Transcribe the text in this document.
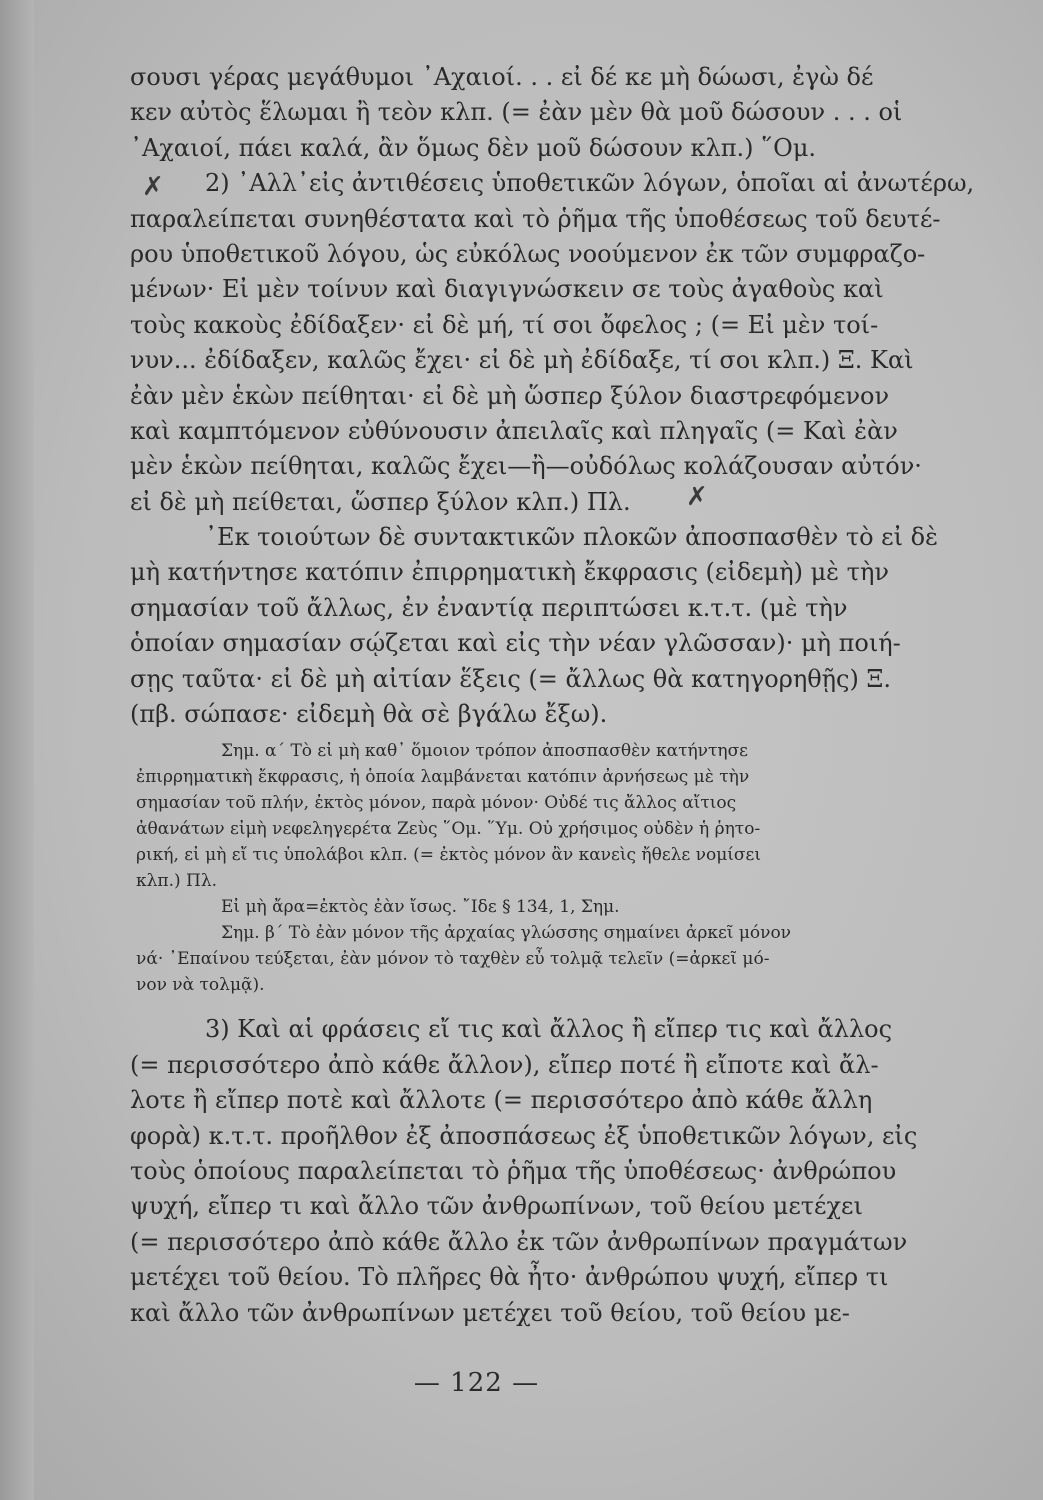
✗
✗
σουσι γέρας μεγάθυμοι ᾿Αχαιοί. . . εἰ δέ κε μὴ δώωσι, ἐγὼ δέ
κεν αὐτὸς ἕλωμαι ἢ τεὸν κλπ. (= ἐὰν μὲν θὰ μοῦ δώσουν . . . οἱ
᾿Αχαιοί, πάει καλά, ἂν ὅμως δὲν μοῦ δώσουν κλπ.) ῞Ομ.
2) ᾿Αλλ᾿εἰς ἀντιθέσεις ὑποθετικῶν λόγων, ὁποῖαι αἱ ἀνωτέρω,
παραλείπεται συνηθέστατα καὶ τὸ ῥῆμα τῆς ὑποθέσεως τοῦ δευτέ-
ρου ὑποθετικοῦ λόγου, ὡς εὐκόλως νοούμενον ἐκ τῶν συμφραζο-
μένων· Εἰ μὲν τοίνυν καὶ διαγιγνώσκειν σε τοὺς ἀγαθοὺς καὶ
τοὺς κακοὺς ἐδίδαξεν· εἰ δὲ μή, τί σοι ὄφελος ; (= Εἰ μὲν τοί-
νυν... ἐδίδαξεν, καλῶς ἔχει· εἰ δὲ μὴ ἐδίδαξε, τί σοι κλπ.) Ξ. Καὶ
ἐὰν μὲν ἑκὼν πείθηται· εἰ δὲ μὴ ὥσπερ ξύλον διαστρεφόμενον
καὶ καμπτόμενον εὐθύνουσιν ἀπειλαῖς καὶ πληγαῖς (= Καὶ ἐὰν
μὲν ἑκὼν πείθηται, καλῶς ἔχει—ἢ—οὐδόλως κολάζουσαν αὐτόν·
εἰ δὲ μὴ πείθεται, ὥσπερ ξύλον κλπ.) Πλ.
᾿Εκ τοιούτων δὲ συντακτικῶν πλοκῶν ἀποσπασθὲν τὸ εἰ δὲ
μὴ κατήντησε κατόπιν ἐπιρρηματικὴ ἔκφρασις (εἰδεμὴ) μὲ τὴν
σημασίαν τοῦ ἄλλως, ἐν ἐναντίᾳ περιπτώσει κ.τ.τ. (μὲ τὴν
ὁποίαν σημασίαν σῴζεται καὶ εἰς τὴν νέαν γλῶσσαν)· μὴ ποιή-
σῃς ταῦτα· εἰ δὲ μὴ αἰτίαν ἕξεις (= ἄλλως θὰ κατηγορηθῇς) Ξ.
(πβ. σώπασε· εἰδεμὴ θὰ σὲ βγάλω ἔξω).
Σημ. α΄ Τὸ εἰ μὴ καθ᾿ ὅμοιον τρόπον ἀποσπασθὲν κατήντησε
ἐπιρρηματικὴ ἔκφρασις, ἡ ὁποία λαμβάνεται κατόπιν ἀρνήσεως μὲ τὴν
σημασίαν τοῦ πλήν, ἐκτὸς μόνον, παρὰ μόνον· Οὐδέ τις ἄλλος αἴτιος
ἀθανάτων εἰμὴ νεφεληγερέτα Ζεὺς ῞Ομ. ῞Υμ. Οὐ χρήσιμος οὐδὲν ἡ ῥητο-
ρική, εἰ μὴ εἴ τις ὑπολάβοι κλπ. (= ἐκτὸς μόνον ἂν κανεὶς ἤθελε νομίσει
κλπ.) Πλ.
Εἰ μὴ ἄρα=ἐκτὸς ἐὰν ἴσως. ῎Ιδε § 134, 1, Σημ.
Σημ. β΄ Τὸ ἐὰν μόνον τῆς ἀρχαίας γλώσσης σημαίνει ἀρκεῖ μόνον
νά· ᾿Επαίνου τεύξεται, ἐὰν μόνον τὸ ταχθὲν εὖ τολμᾷ τελεῖν (=ἀρκεῖ μό-
νον νὰ τολμᾷ).
3) Καὶ αἱ φράσεις εἴ τις καὶ ἄλλος ἢ εἴπερ τις καὶ ἄλλος
(= περισσότερο ἀπὸ κάθε ἄλλον), εἴπερ ποτέ ἢ εἴποτε καὶ ἄλ-
λοτε ἢ εἴπερ ποτὲ καὶ ἄλλοτε (= περισσότερο ἀπὸ κάθε ἄλλη
φορὰ) κ.τ.τ. προῆλθον ἐξ ἀποσπάσεως ἐξ ὑποθετικῶν λόγων, εἰς
τοὺς ὁποίους παραλείπεται τὸ ῥῆμα τῆς ὑποθέσεως· ἀνθρώπου
ψυχή, εἴπερ τι καὶ ἄλλο τῶν ἀνθρωπίνων, τοῦ θείου μετέχει
(= περισσότερο ἀπὸ κάθε ἄλλο ἐκ τῶν ἀνθρωπίνων πραγμάτων
μετέχει τοῦ θείου. Τὸ πλῆρες θὰ ἦτο· ἀνθρώπου ψυχή, εἴπερ τι
καὶ ἄλλο τῶν ἀνθρωπίνων μετέχει τοῦ θείου, τοῦ θείου με-
— 122 —
